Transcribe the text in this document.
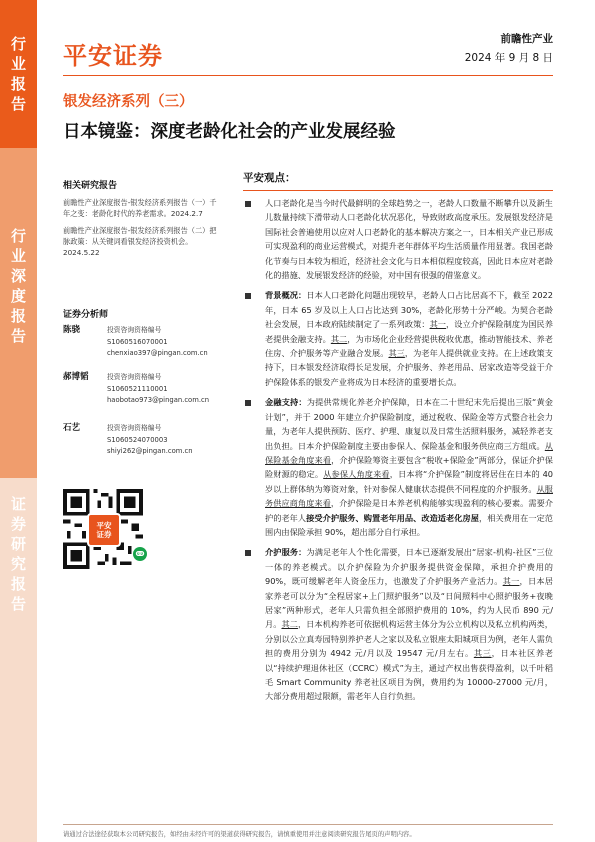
行
业
报
告
行
业
深
度
报
告
证
券
研
究
报
告
平安证券
前瞻性产业
2024 年 9 月 8 日
银发经济系列（三）
日本镜鉴：深度老龄化社会的产业发展经验
相关研究报告
前瞻性产业深度报告-银发经济系列报告（一）千年之变：老龄化时代的养老需求。2024.2.7
前瞻性产业深度报告-银发经济系列报告（二）把脉政策：从关键词看银发经济投资机会。2024.5.22
证券分析师
陈骁	投资咨询资格编号
S1060516070001
chenxiao397@pingan.com.cn
郝博韬	投资咨询资格编号
S1060521110001
haobotao973@pingan.com.cn
石艺	投资咨询资格编号
S1060524070003
shiyi262@pingan.com.cn
平安
证券
ↂ
平安观点：
人口老龄化是当今时代最鲜明的全球趋势之一，老龄人口数量不断攀升以及新生儿数量持续下滑带动人口老龄化状况恶化，导致财政高度承压。发展银发经济是国际社会普遍使用以应对人口老龄化的基本解决方案之一，日本相关产业已形成可实现盈利的商业运营模式，对提升老年群体平均生活质量作用显著。我国老龄化节奏与日本较为相近，经济社会文化与日本相似程度较高，因此日本应对老龄化的措施、发展银发经济的经验，对中国有很强的借鉴意义。
背景概况：日本人口老龄化问题出现较早，老龄人口占比居高不下，截至 2022 年，日本 65 岁及以上人口占比达到 30%，老龄化形势十分严峻。为契合老龄社会发展，日本政府陆续制定了一系列政策：其一，设立介护保险制度为国民养老提供金融支持。其二，为市场化企业经营提供税收优惠，推动智能技术、养老住房、介护服务等产业融合发展。其三，为老年人提供就业支持。在上述政策支持下，日本银发经济取得长足发展，介护服务、养老用品、居家改造等受益于介护保险体系的银发产业将成为日本经济的重要增长点。
金融支持：为提供常规化养老介护保障，日本在二十世纪末先后提出三版“黄金计划”，并于 2000 年建立介护保险制度，通过税收、保险金等方式整合社会力量，为老年人提供预防、医疗、护理、康复以及日常生活照料服务，减轻养老支出负担。日本介护保险制度主要由参保人、保险基金和服务供应商三方组成。从保险基金角度来看，介护保险筹资主要包含“税收+保险金”两部分，保证介护保险财源的稳定。从参保人角度来看，日本将“介护保险”制度将居住在日本的 40 岁以上群体纳为筹资对象，针对参保人健康状态提供不同程度的介护服务。从服务供应商角度来看，介护保险是日本养老机构能够实现盈利的核心要素。需要介护的老年人接受介护服务、购置老年用品、改造适老化房屋，相关费用在一定范围内由保险承担 90%，超出部分自行承担。
介护服务：为满足老年人个性化需要，日本已逐渐发展出“居家-机构-社区”三位一体的养老模式。以介护保险为介护服务提供资金保障，承担介护费用的 90%，既可缓解老年人资金压力，也激发了介护服务产业活力。其一，日本居家养老可以分为“全程居家+上门照护服务”以及“日间照料中心照护服务+夜晚居家”两种形式，老年人只需负担全部照护费用的 10%，约为人民币 890 元/月。其二，日本机构养老可依据机构运营主体分为公立机构以及私立机构两类，分别以公立真寿园特别养护老人之家以及私立银座太阳城项目为例，老年人需负担的费用分别为 4942 元/月以及 19547 元/月左右。其三，日本社区养老以“持续护理退休社区（CCRC）模式”为主，通过产权出售获得盈利，以千叶稻毛 Smart Community 养老社区项目为例，费用约为 10000-27000 元/月，大部分费用超过限额，需老年人自行负担。
请通过合法途径获取本公司研究报告，如经由未经许可的渠道获得研究报告，请慎重使用并注意阅读研究报告尾页的声明内容。
